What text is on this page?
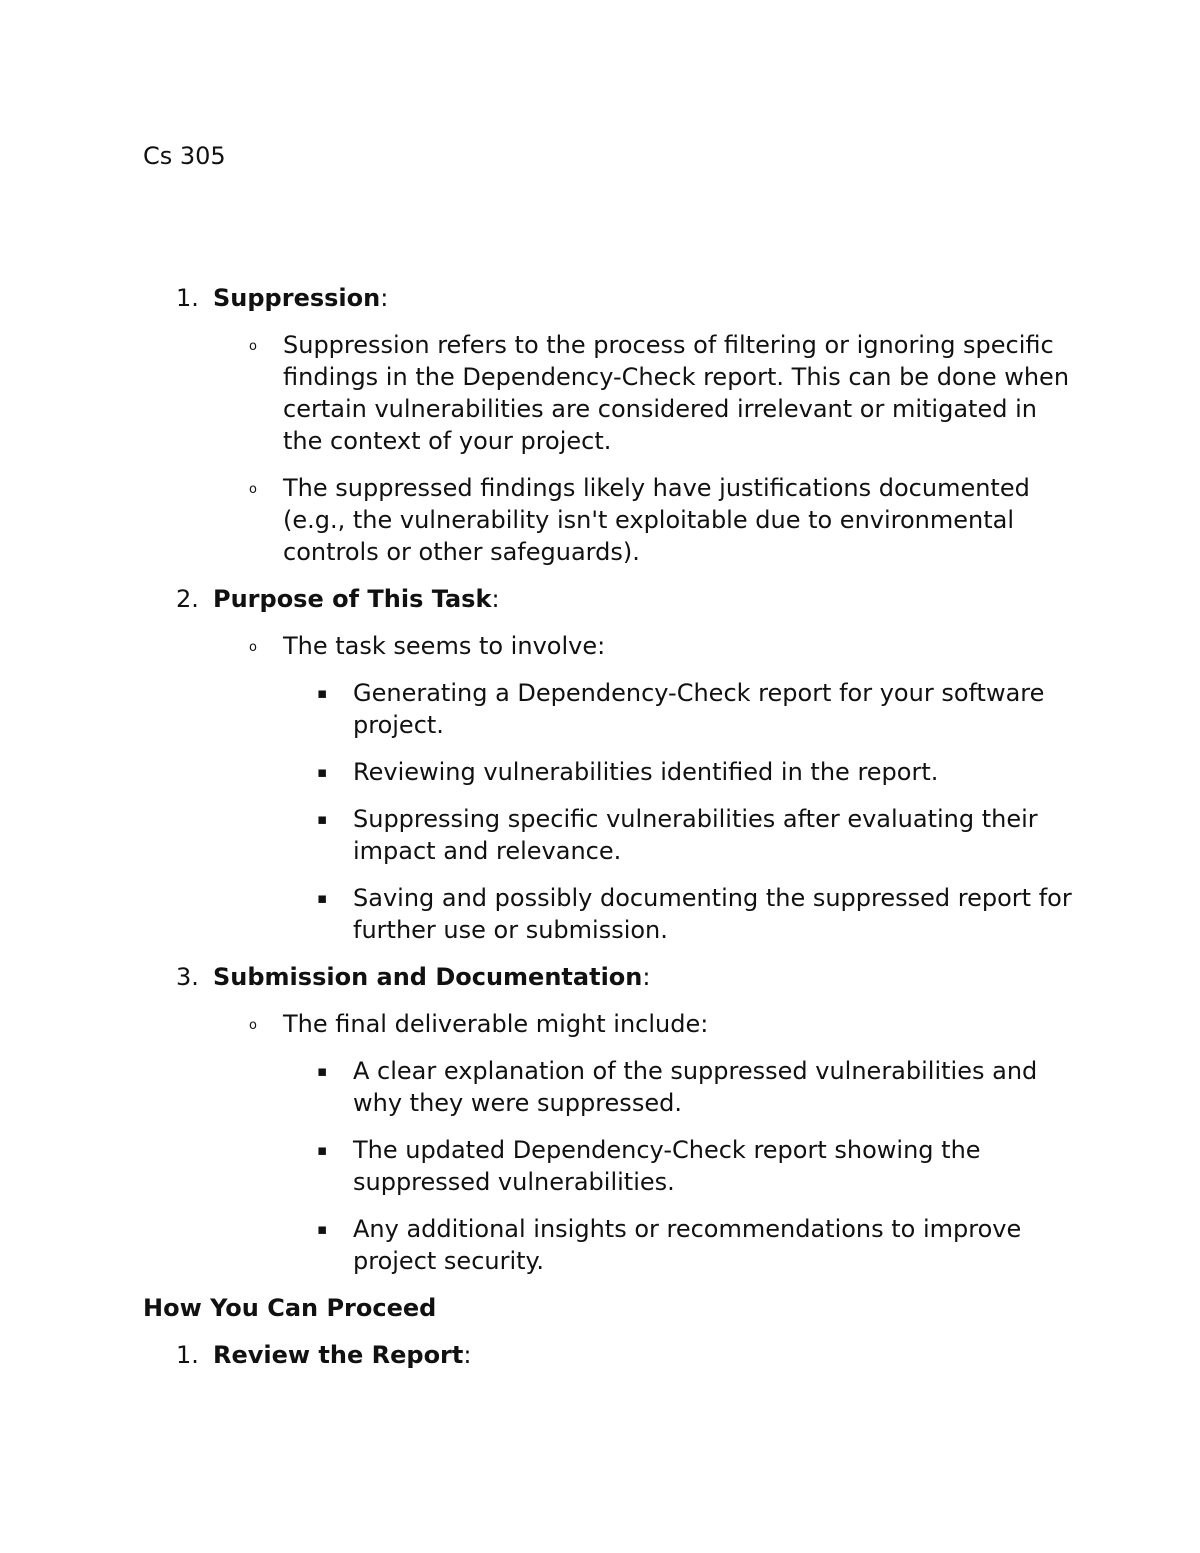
Cs 305
1. Suppression:
o Suppression refers to the process of filtering or ignoring specific findings in the Dependency-Check report. This can be done when certain vulnerabilities are considered irrelevant or mitigated in the context of your project.
o The suppressed findings likely have justifications documented (e.g., the vulnerability isn't exploitable due to environmental controls or other safeguards).
2. Purpose of This Task:
o The task seems to involve:
▪ Generating a Dependency-Check report for your software project.
▪ Reviewing vulnerabilities identified in the report.
▪ Suppressing specific vulnerabilities after evaluating their impact and relevance.
▪ Saving and possibly documenting the suppressed report for further use or submission.
3. Submission and Documentation:
o The final deliverable might include:
▪ A clear explanation of the suppressed vulnerabilities and why they were suppressed.
▪ The updated Dependency-Check report showing the suppressed vulnerabilities.
▪ Any additional insights or recommendations to improve project security.
How You Can Proceed
1. Review the Report:
